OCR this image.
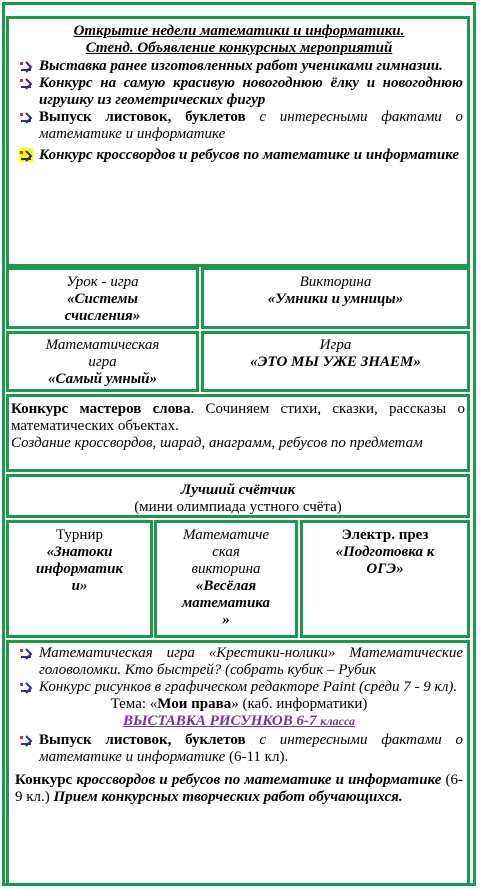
Открытие недели математики и информатики.

Стенд. Объявление конкурсных мероприятий

Выставка ранее изготовленных работ учениками гимназии.
Конкурс на самую красивую новогоднюю ёлку и новогоднюю игрушку из геометрических фигур
Выпуск листовок, буклетов с интересными фактами о математике и информатике
Конкурс кроссвордов и ребусов по математике и информатике

Урок - игра

«Системы

счисления»

Викторина

«Умники и умницы»

Математическая

игра

«Самый умный»

Игра

«ЭТО МЫ УЖЕ ЗНАЕМ»

Конкурс мастеров слова. Сочиняем стихи, сказки, рассказы о математических объектах.

Создание кроссвордов, шарад, анаграмм, ребусов по предметам

Лучший счётчик

(мини олимпиада устного счёта)

Турнир

«Знатоки

информатик

и»

Математиче

ская

викторина

«Весёлая

математика

»

Электр. през

«Подготовка к

ОГЭ»

Математическая игра «Крестики-нолики» Математические головоломки. Кто быстрей? (собрать кубик – Рубик
Конкурс рисунков в графическом редакторе Paint (среди 7 - 9 кл).

Тема: «Мои права» (каб. информатики)

ВЫСТАВКА РИСУНКОВ 6-7 класса

Выпуск листовок, буклетов с интересными фактами о математике и информатике (6-11 кл).

Конкурс кроссвордов и ребусов по математике и информатике (6-9 кл.) Прием конкурсных творческих работ обучающихся.
